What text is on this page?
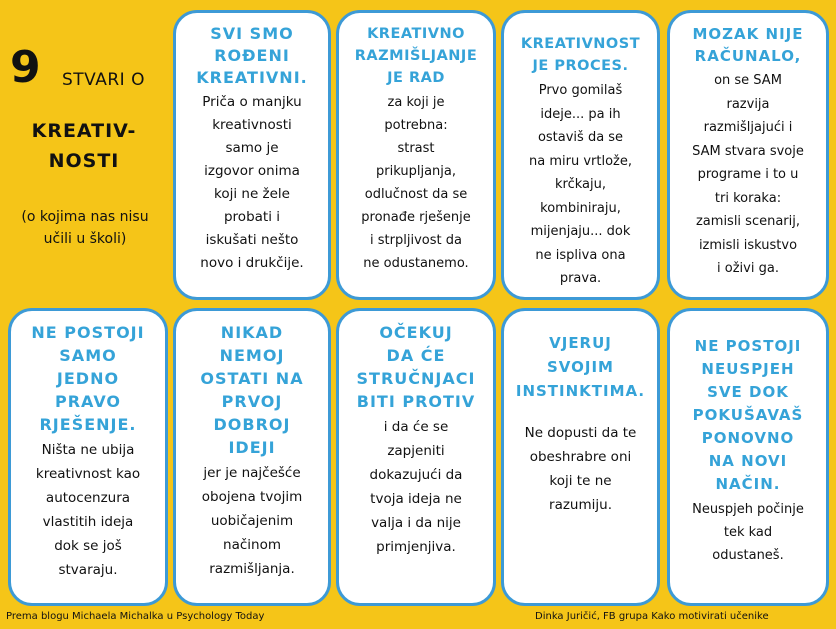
9 STVARI O
KREATIV-
NOSTI
(o kojima nas nisu
učili u školi)
SVI SMO
ROĐENI
KREATIVNI.
Priča o manjku
kreativnosti
samo je
izgovor onima
koji ne žele
probati i
iskušati nešto
novo i drukčije.
KREATIVNO
RAZMIŠLJANJE
JE RAD
za koji je
potrebna:
strast
prikupljanja,
odlučnost da se
pronađe rješenje
i strpljivost da
ne odustanemo.
KREATIVNOST
JE PROCES.
Prvo gomilaš
ideje... pa ih
ostaviš da se
na miru vrtlože,
krčkaju,
kombiniraju,
mijenjaju... dok
ne ispliva ona
prava.
MOZAK NIJE
RAČUNALO,
on se SAM
razvija
razmišljajući i
SAM stvara svoje
programe i to u
tri koraka:
zamisli scenarij,
izmisli iskustvo
i oživi ga.
NE POSTOJI
SAMO
JEDNO
PRAVO
RJEŠENJE.
Ništa ne ubija
kreativnost kao
autocenzura
vlastitih ideja
dok se još
stvaraju.
NIKAD
NEMOJ
OSTATI NA
PRVOJ
DOBROJ
IDEJI
jer je najčešće
obojena tvojim
uobičajenim
načinom
razmišljanja.
OČEKUJ
DA ĆE
STRUČNJACI
BITI PROTIV
i da će se
zapjeniti
dokazujući da
tvoja ideja ne
valja i da nije
primjenjiva.
VJERUJ
SVOJIM
INSTINKTIMA.
Ne dopusti da te
obeshrabre oni
koji te ne
razumiju.
NE POSTOJI
NEUSPJEH
SVE DOK
POKUŠAVAŠ
PONOVNO
NA NOVI
NAČIN.
Neuspjeh počinje
tek kad
odustaneš.
Prema blogu Michaela Michalka u Psychology Today	Dinka Juričić, FB grupa Kako motivirati učenike
